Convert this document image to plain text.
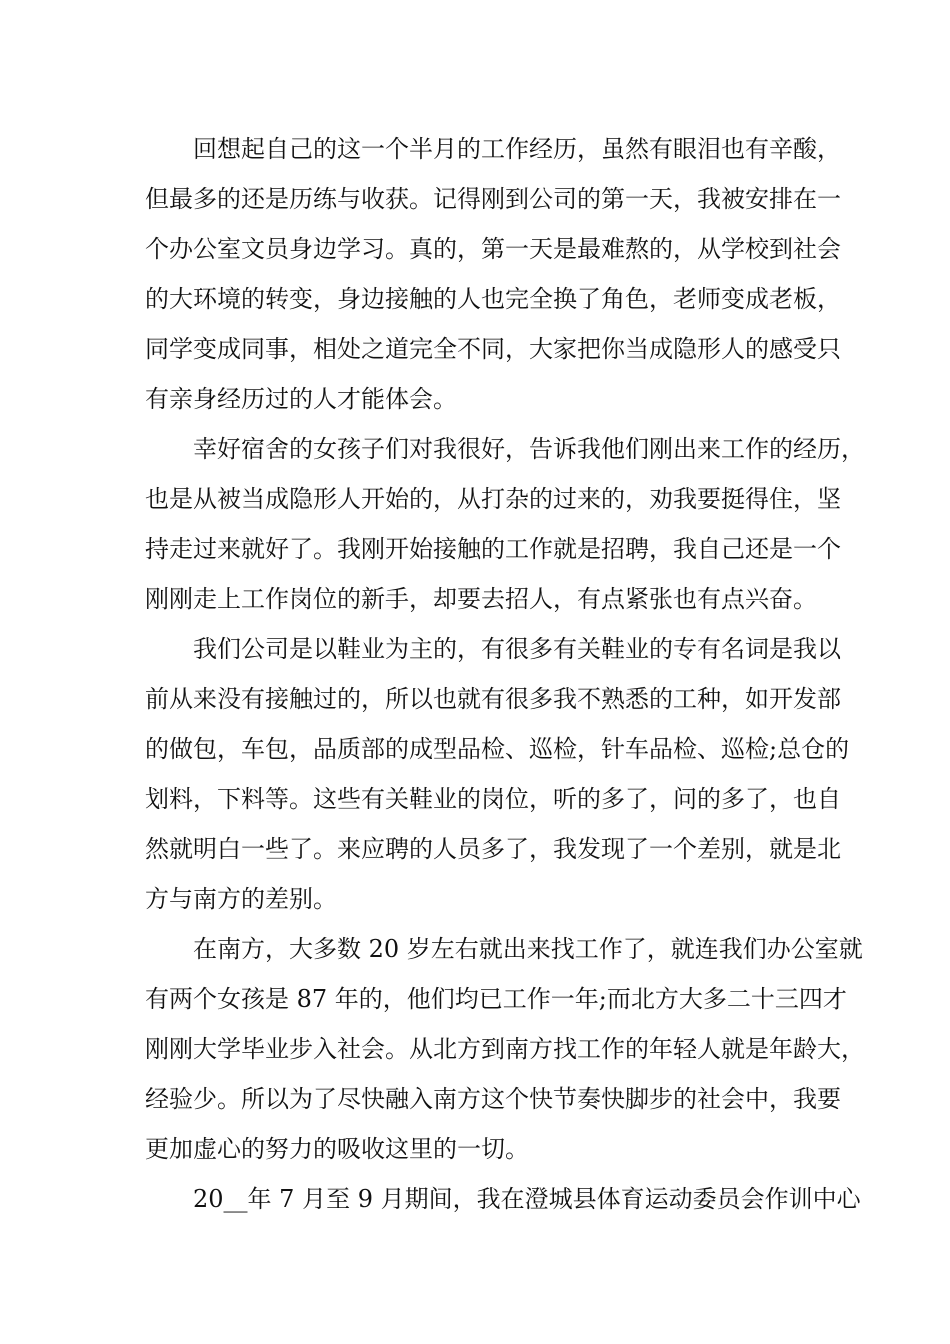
回想起自己的这一个半月的工作经历，虽然有眼泪也有辛酸，
但最多的还是历练与收获。记得刚到公司的第一天，我被安排在一
个办公室文员身边学习。真的，第一天是最难熬的，从学校到社会
的大环境的转变，身边接触的人也完全换了角色，老师变成老板，
同学变成同事，相处之道完全不同，大家把你当成隐形人的感受只
有亲身经历过的人才能体会。
幸好宿舍的女孩子们对我很好，告诉我他们刚出来工作的经历，
也是从被当成隐形人开始的，从打杂的过来的，劝我要挺得住，坚
持走过来就好了。我刚开始接触的工作就是招聘，我自己还是一个
刚刚走上工作岗位的新手，却要去招人，有点紧张也有点兴奋。
我们公司是以鞋业为主的，有很多有关鞋业的专有名词是我以
前从来没有接触过的，所以也就有很多我不熟悉的工种，如开发部
的做包，车包，品质部的成型品检、巡检，针车品检、巡检;总仓的
划料，下料等。这些有关鞋业的岗位，听的多了，问的多了，也自
然就明白一些了。来应聘的人员多了，我发现了一个差别，就是北
方与南方的差别。
在南方，大多数 20 岁左右就出来找工作了，就连我们办公室就
有两个女孩是 87 年的，他们均已工作一年;而北方大多二十三四才
刚刚大学毕业步入社会。从北方到南方找工作的年轻人就是年龄大，
经验少。所以为了尽快融入南方这个快节奏快脚步的社会中，我要
更加虚心的努力的吸收这里的一切。
20__年 7 月至 9 月期间，我在澄城县体育运动委员会作训中心
